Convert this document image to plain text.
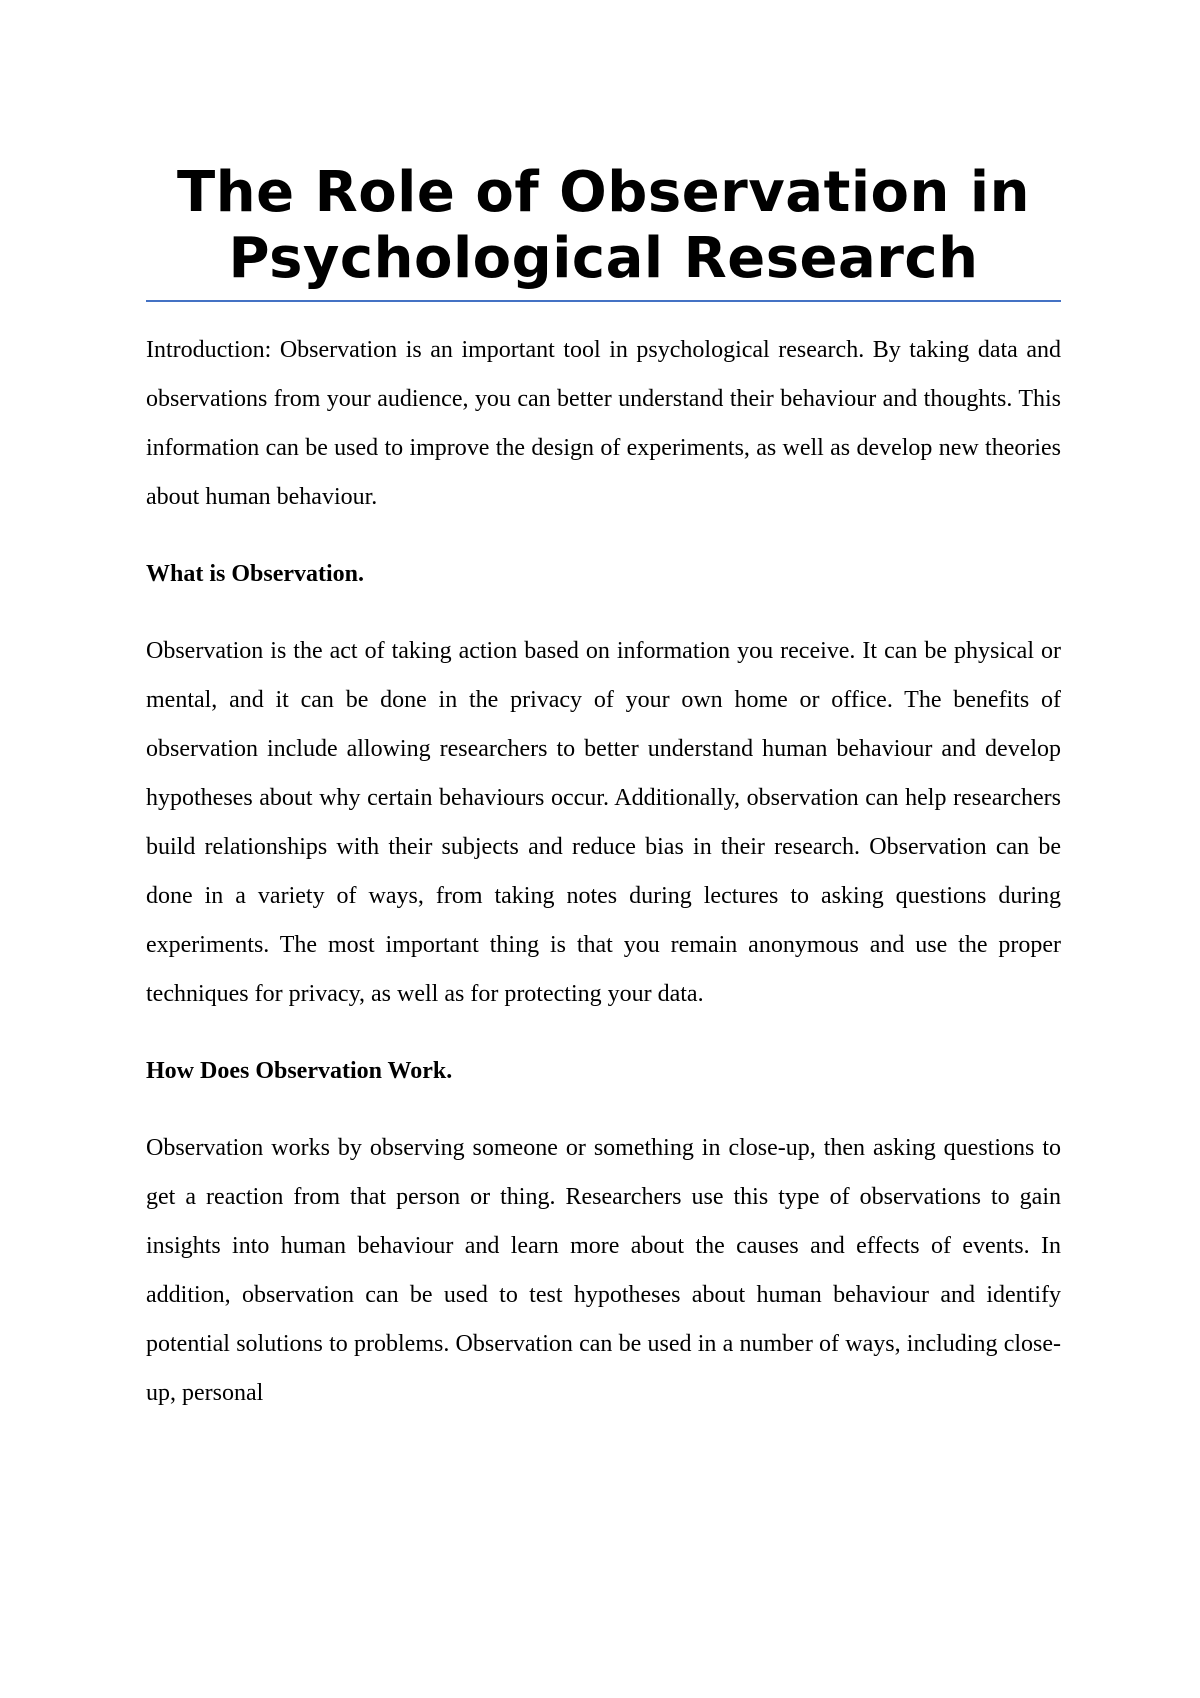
The Role of Observation in Psychological Research

Introduction: Observation is an important tool in psychological research. By taking data and observations from your audience, you can better understand their behaviour and thoughts. This information can be used to improve the design of experiments, as well as develop new theories about human behaviour.

What is Observation.

Observation is the act of taking action based on information you receive. It can be physical or mental, and it can be done in the privacy of your own home or office. The benefits of observation include allowing researchers to better understand human behaviour and develop hypotheses about why certain behaviours occur. Additionally, observation can help researchers build relationships with their subjects and reduce bias in their research. Observation can be done in a variety of ways, from taking notes during lectures to asking questions during experiments. The most important thing is that you remain anonymous and use the proper techniques for privacy, as well as for protecting your data.

How Does Observation Work.

Observation works by observing someone or something in close-up, then asking questions to get a reaction from that person or thing. Researchers use this type of observations to gain insights into human behaviour and learn more about the causes and effects of events. In addition, observation can be used to test hypotheses about human behaviour and identify potential solutions to problems. Observation can be used in a number of ways, including close-up, personal
